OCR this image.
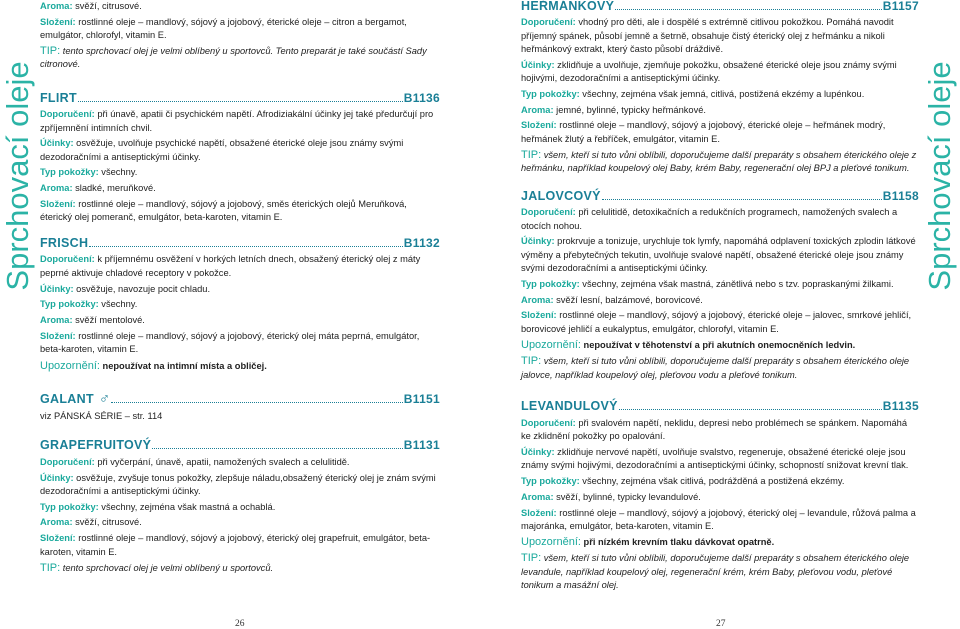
Sprchovací oleje	Sprchovací oleje

Aroma: svěží, citrusové.

Složení: rostlinné oleje – mandlový, sójový a jojobový, éterické oleje – citron a bergamot, emulgátor, chlorofyl, vitamin E.

TIP: tento sprchovací olej je velmi oblíbený u sportovců. Tento preparát je také součástí Sady citronové.

FLIRT	B1136

Doporučení: při únavě, apatii či psychickém napětí. Afrodiziakální účinky jej také předurčují pro zpříjemnění intimních chvil.

Účinky: osvěžuje, uvolňuje psychické napětí, obsažené éterické oleje jsou známy svými dezodoračními a antiseptickými účinky.

Typ pokožky: všechny.

Aroma: sladké, meruňkové.

Složení: rostlinné oleje – mandlový, sójový a jojobový, směs éterických olejů Meruňková, éterický olej pomeranč, emulgátor, beta-karoten, vitamin E.

FRISCH	B1132

Doporučení: k příjemnému osvěžení v horkých letních dnech, obsažený éterický olej z máty peprné aktivuje chladové receptory v pokožce.

Účinky: osvěžuje, navozuje pocit chladu.

Typ pokožky: všechny.

Aroma: svěží mentolové.

Složení: rostlinné oleje – mandlový, sójový a jojobový, éterický olej máta peprná, emulgátor, beta-karoten, vitamin E.

Upozornění: nepoužívat na intimní místa a obličej.

GALANT ♂	B1151

viz PÁNSKÁ SÉRIE – str. 114

GRAPEFRUITOVÝ	B1131

Doporučení: při vyčerpání, únavě, apatii, namožených svalech a celulitidě.

Účinky: osvěžuje, zvyšuje tonus pokožky, zlepšuje náladu,obsažený éterický olej je znám svými dezodoračními a antiseptickými účinky.

Typ pokožky: všechny, zejména však mastná a ochablá.

Aroma: svěží, citrusové.

Složení: rostlinné oleje – mandlový, sójový a jojobový, éterický olej grapefruit, emulgátor, beta-karoten, vitamin E.

TIP: tento sprchovací olej je velmi oblíbený u sportovců.

HEŘMÁNKOVÝ	B1157

Doporučení: vhodný pro děti, ale i dospělé s extrémně citlivou pokožkou. Pomáhá navodit příjemný spánek, působí jemně a šetrně, obsahuje čistý éterický olej z heřmánku a nikoli heřmánkový extrakt, který často působí dráždivě.

Účinky: zklidňuje a uvolňuje, zjemňuje pokožku, obsažené éterické oleje jsou známy svými hojivými, dezodoračními a antiseptickými účinky.

Typ pokožky: všechny, zejména však jemná, citlivá, postižená ekzémy a lupénkou.

Aroma: jemné, bylinné, typicky heřmánkové.

Složení: rostlinné oleje – mandlový, sójový a jojobový, éterické oleje – heřmánek modrý, heřmánek žlutý a řebříček, emulgátor, vitamin E.

TIP: všem, kteří si tuto vůni oblíbili, doporučujeme další preparáty s obsahem éterického oleje z heřmánku, například koupelový olej Baby, krém Baby, regenerační olej BPJ a pleťové tonikum.

JALOVCOVÝ	B1158

Doporučení: při celulitidě, detoxikačních a redukčních programech, namožených svalech a otocích nohou.

Účinky: prokrvuje a tonizuje, urychluje tok lymfy, napomáhá odplavení toxických zplodin látkové výměny a přebytečných tekutin, uvolňuje svalové napětí, obsažené éterické oleje jsou známy svými dezodoračními a antiseptickými účinky.

Typ pokožky: všechny, zejména však mastná, zánětlivá nebo s tzv. popraskanými žilkami.

Aroma: svěží lesní, balzámové, borovicové.

Složení: rostlinné oleje – mandlový, sójový a jojobový, éterické oleje – jalovec, smrkové jehličí, borovicové jehličí a eukalyptus, emulgátor, chlorofyl, vitamin E.

Upozornění: nepoužívat v těhotenství a při akutních onemocněních ledvin.

TIP: všem, kteří si tuto vůni oblíbili, doporučujeme další preparáty s obsahem éterického oleje jalovce, například koupelový olej, pleťovou vodu a pleťové tonikum.

LEVANDULOVÝ	B1135

Doporučení: při svalovém napětí, neklidu, depresi nebo problémech se spánkem. Napomáhá ke zklidnění pokožky po opalování.

Účinky: zklidňuje nervové napětí, uvolňuje svalstvo, regeneruje, obsažené éterické oleje jsou známy svými hojivými, dezodoračními a antiseptickými účinky, schopností snižovat krevní tlak.

Typ pokožky: všechny, zejména však citlivá, podrážděná a postižená ekzémy.

Aroma: svěží, bylinné, typicky levandulové.

Složení: rostlinné oleje – mandlový, sójový a jojobový, éterický olej – levandule, růžová palma a majoránka, emulgátor, beta-karoten, vitamin E.

Upozornění: při nízkém krevním tlaku dávkovat opatrně.

TIP: všem, kteří si tuto vůni oblíbili, doporučujeme další preparáty s obsahem éterického oleje levandule, například koupelový olej, regenerační krém, krém Baby, pleťovou vodu, pleťové tonikum a masážní olej.

26	27
